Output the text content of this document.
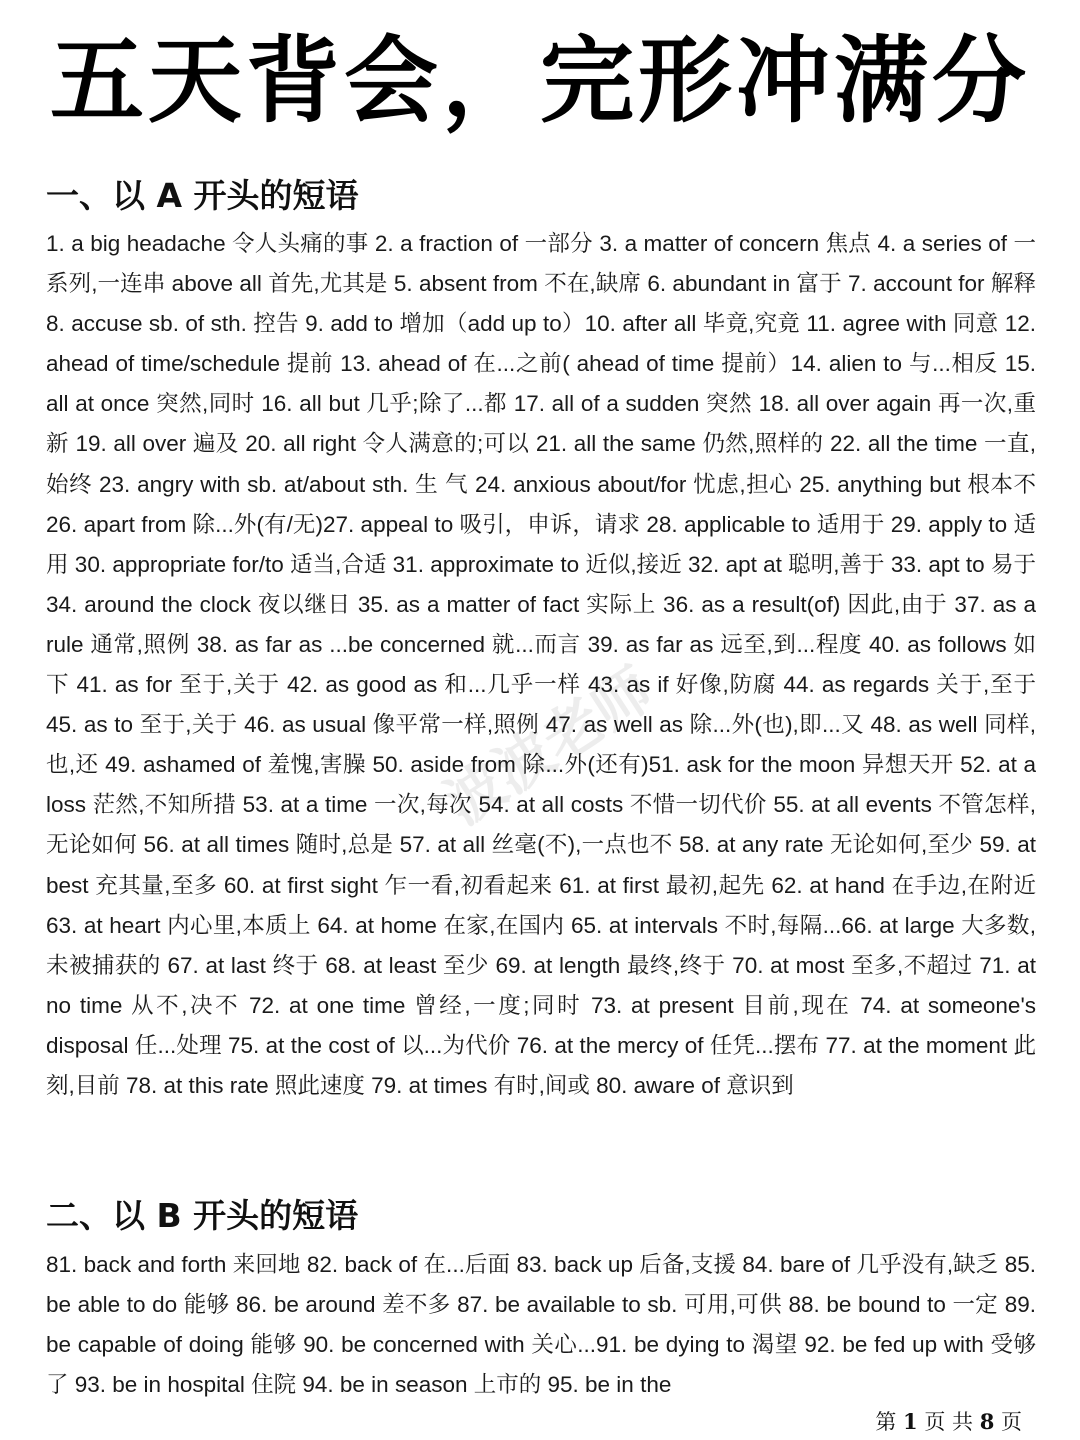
五天背会，完形冲满分
一、以 A 开头的短语
1. a big headache 令人头痛的事 2. a fraction of 一部分 3. a matter of concern 焦点 4. a series of 一系列,一连串 above all 首先,尤其是 5. absent from 不在,缺席 6. abundant in 富于 7. account for 解释 8. accuse sb. of sth. 控告 9. add to 增加（add up to）10. after all 毕竟,究竟 11. agree with 同意 12. ahead of time/schedule 提前 13. ahead of 在...之前( ahead of time 提前）14. alien to 与...相反 15. all at once 突然,同时 16. all but 几乎;除了...都 17. all of a sudden 突然 18. all over again 再一次,重新 19. all over 遍及 20. all right 令人满意的;可以 21. all the same 仍然,照样的 22. all the time 一直,始终 23. angry with sb. at/about sth. 生 气 24. anxious about/for 忧虑,担心 25. anything but 根本不 26. apart from 除...外(有/无)27. appeal to 吸引，申诉，请求 28. applicable to 适用于 29. apply to 适用 30. appropriate for/to 适当,合适 31. approximate to 近似,接近 32. apt at 聪明,善于 33. apt to 易于 34. around the clock 夜以继日 35. as a matter of fact 实际上 36. as a result(of) 因此,由于 37. as a rule 通常,照例 38. as far as ...be concerned 就...而言 39. as far as 远至,到...程度 40. as follows 如下 41. as for 至于,关于 42. as good as 和...几乎一样 43. as if 好像,防腐 44. as regards 关于,至于 45. as to 至于,关于 46. as usual 像平常一样,照例 47. as well as 除...外(也),即...又 48. as well 同样,也,还 49. ashamed of 羞愧,害臊 50. aside from 除...外(还有)51. ask for the moon 异想天开 52. at a loss 茫然,不知所措 53. at a time 一次,每次 54. at all costs 不惜一切代价 55. at all events 不管怎样,无论如何 56. at all times 随时,总是 57. at all 丝毫(不),一点也不 58. at any rate 无论如何,至少 59. at best 充其量,至多 60. at first sight 乍一看,初看起来 61. at first 最初,起先 62. at hand 在手边,在附近 63. at heart 内心里,本质上 64. at home 在家,在国内 65. at intervals 不时,每隔...66. at large 大多数,未被捕获的 67. at last 终于 68. at least 至少 69. at length 最终,终于 70. at most 至多,不超过 71. at no time 从不,决不 72. at one time 曾经,一度;同时 73. at present 目前,现在 74. at someone's disposal 任...处理 75. at the cost of 以...为代价 76. at the mercy of 任凭...摆布 77. at the moment 此刻,目前 78. at this rate 照此速度 79. at times 有时,间或 80. aware of 意识到
波波老师
二、以 B 开头的短语
81. back and forth 来回地 82. back of 在...后面 83. back up 后备,支援 84. bare of 几乎没有,缺乏 85. be able to do 能够 86. be around 差不多 87. be available to sb. 可用,可供 88. be bound to 一定 89. be capable of doing 能够 90. be concerned with 关心...91. be dying to 渴望 92. be fed up with 受够了 93. be in hospital 住院 94. be in season 上市的 95. be in the
第 1 页 共 8 页
